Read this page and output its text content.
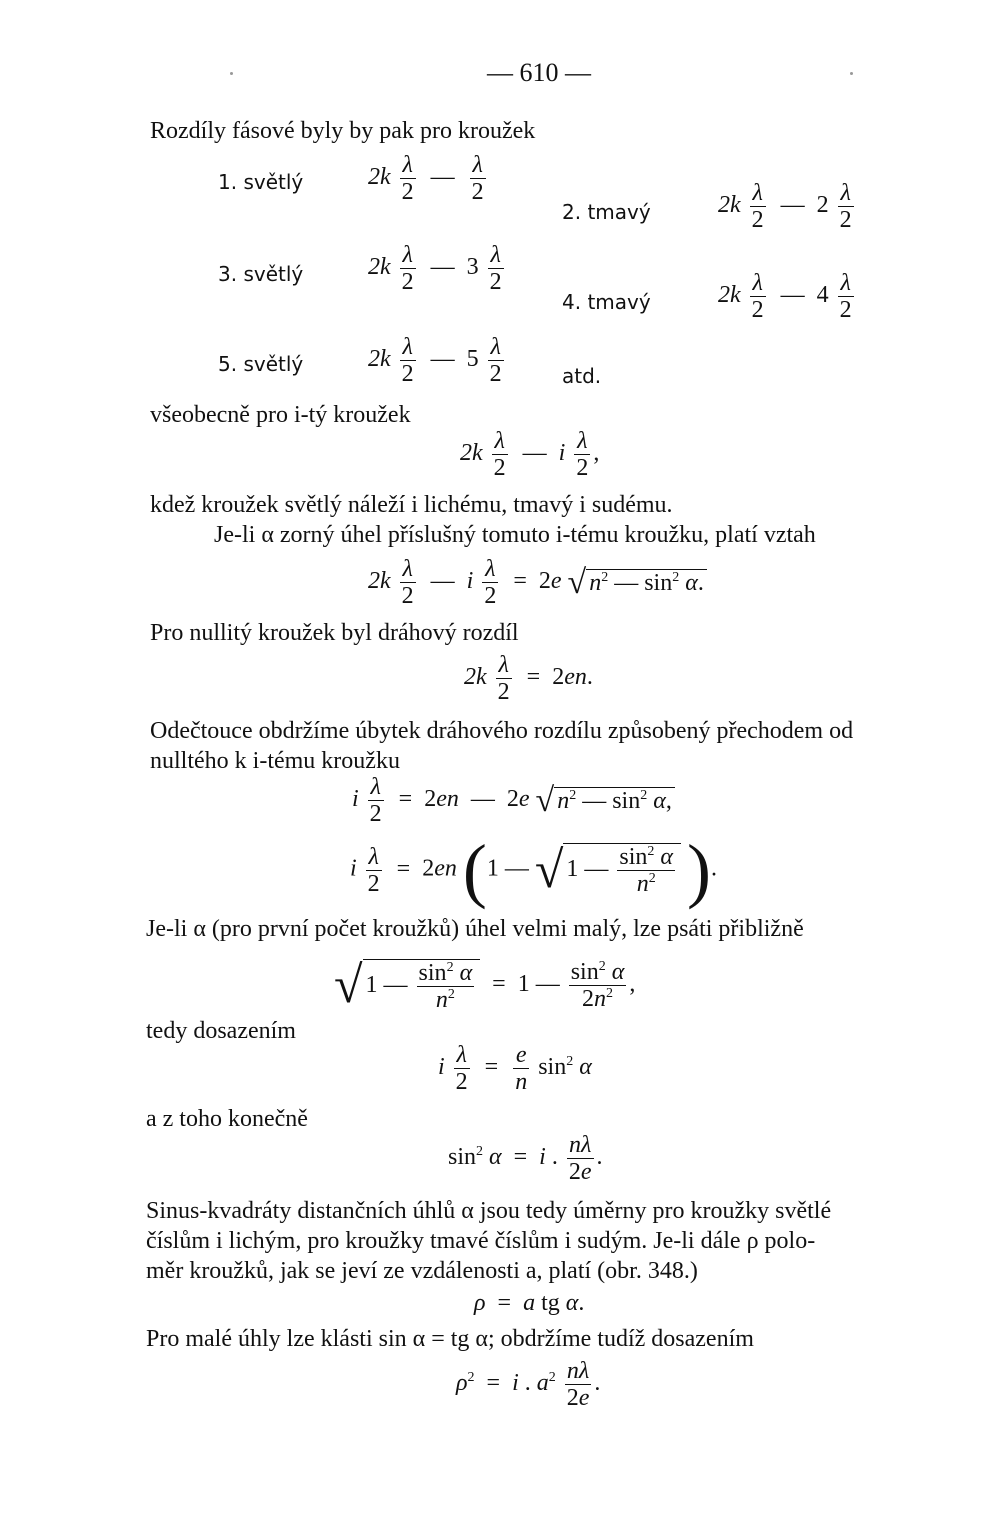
— 610 —
Rozdíly fásové byly by pak pro kroužek
1. světlý	$2k \frac{\lambda}{2}$ — $\frac{\lambda}{2}$
2. tmavý	$2k \frac{\lambda}{2}$ — $2 \frac{\lambda}{2}$
3. světlý	$2k \frac{\lambda}{2}$ — $3 \frac{\lambda}{2}$
4. tmavý	$2k \frac{\lambda}{2}$ — $4 \frac{\lambda}{2}$
5. světlý	$2k \frac{\lambda}{2}$ — $5 \frac{\lambda}{2}$	atd.
všeobecně pro i-tý kroužek
$2k \frac{\lambda}{2}$ — i $\frac{\lambda}{2}$ ,
kdež kroužek světlý náleží i lichému, tmavý i sudému.
Je-li α zorný úhel příslušný tomuto i-tému kroužku, platí vztah
$2k \frac{\lambda}{2}$ — i $\frac{\lambda}{2} = 2e$ √ $n^2$ — $\sin^2 \alpha$.
Pro nullitý kroužek byl dráhový rozdíl
$2k \frac{\lambda}{2} = 2en$.
Odečtouce obdržíme úbytek dráhového rozdílu způsobený přechodem od
nulltého k i-tému kroužku
i $\frac{\lambda}{2} = 2en$ — 2e √ $n^2$ — $\sin^2 \alpha$,
i $\frac{\lambda}{2} = 2en$ (1 — √ 1 — $\frac{\sin^2 \alpha}{n^2}$ ).
Je-li α (pro první počet kroužků) úhel velmi malý, lze psáti přibližně
√ 1 — $\frac{\sin^2 \alpha}{n^2} = 1$ — $\frac{\sin^2 \alpha}{2n^2}$ ,
tedy dosazením
i $\frac{\lambda}{2} = \frac{e}{n} \sin^2 \alpha$
a z toho konečně
$\sin^2 \alpha = i$ . $\frac{n\lambda}{2e}$ .
Sinus-kvadráty distančních úhlů α jsou tedy úměrny pro kroužky světlé
číslům i lichým, pro kroužky tmavé číslům i sudým. Je-li dále ρ polo-
měr kroužků, jak se jeví ze vzdálenosti a, platí (obr. 348.)
ρ = a tg α.
Pro malé úhly lze klásti sin α = tg α; obdržíme tudíž dosazením
$\rho^2 = i$ . $a^2 \frac{n\lambda}{2e}$ .
